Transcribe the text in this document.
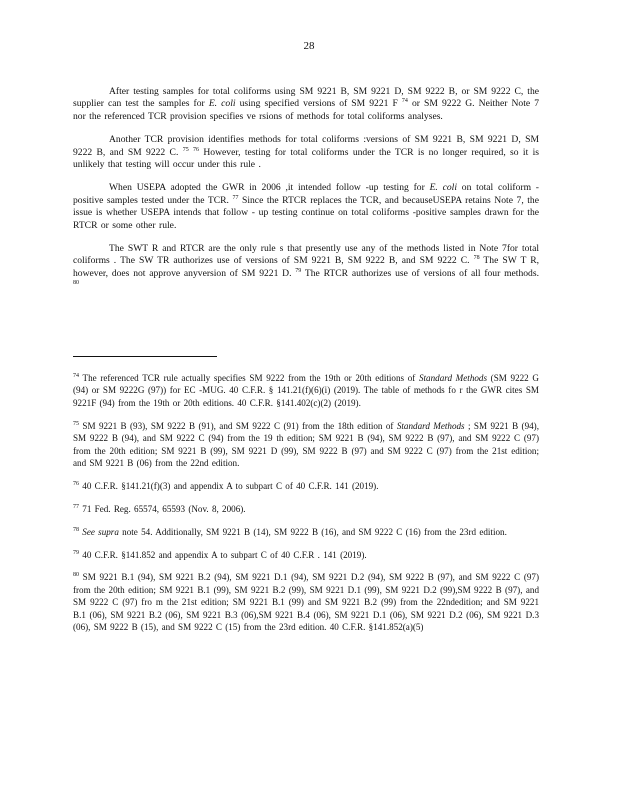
28

After testing samples for total coliforms using SM 9221 B, SM 9221 D, SM 9222 B, or SM 9222 C, the supplier can test the samples for E. coli using specified versions of SM 9221 F $^{74}$ or SM 9222 G. Neither Note 7 nor the referenced TCR provision specifies ve rsions of methods for total coliforms analyses.

Another TCR provision identifies methods for total coliforms :versions of SM 9221 B, SM 9221 D, SM 9222 B, and SM 9222 C. $^{75}$ $^{76}$ However, testing for total coliforms under the TCR is no longer required, so it is unlikely that testing will occur under this rule .

When USEPA adopted the GWR in 2006 ,it intended follow -up testing for E. coli on total coliform -positive samples tested under the TCR. $^{77}$ Since the RTCR replaces the TCR, and becauseUSEPA retains Note 7, the issue is whether USEPA intends that follow - up testing continue on total coliforms -positive samples drawn for the RTCR or some other rule.

The SWT R and RTCR are the only rule s that presently use any of the methods listed in Note 7for total coliforms . The SW TR authorizes use of versions of SM 9221 B, SM 9222 B, and SM 9222 C. $^{78}$ The SW T R, however, does not approve anyversion of SM 9221 D. $^{79}$ The RTCR authorizes use of versions of all four methods. $^{80}$

$^{74}$ The referenced TCR rule actually specifies SM 9222 from the 19th or 20th editions of Standard Methods (SM 9222 G (94) or SM 9222G (97)) for EC -MUG. 40 C.F.R. § 141.21(f)(6)(i) (2019). The table of methods fo r the GWR cites SM 9221F (94) from the 19th or 20th editions. 40 C.F.R. §141.402(c)(2) (2019).

$^{75}$ SM 9221 B (93), SM 9222 B (91), and SM 9222 C (91) from the 18th edition of Standard Methods ; SM 9221 B (94), SM 9222 B (94), and SM 9222 C (94) from the 19 th edition; SM 9221 B (94), SM 9222 B (97), and SM 9222 C (97) from the 20th edition; SM 9221 B (99), SM 9221 D (99), SM 9222 B (97) and SM 9222 C (97) from the 21st edition; and SM 9221 B (06) from the 22nd edition.

$^{76}$ 40 C.F.R. §141.21(f)(3) and appendix A to subpart C of 40 C.F.R. 141 (2019).

$^{77}$ 71 Fed. Reg. 65574, 65593 (Nov. 8, 2006).

$^{78}$ See supra note 54. Additionally, SM 9221 B (14), SM 9222 B (16), and SM 9222 C (16) from the 23rd edition.

$^{79}$ 40 C.F.R. §141.852 and appendix A to subpart C of 40 C.F.R . 141 (2019).

$^{80}$ SM 9221 B.1 (94), SM 9221 B.2 (94), SM 9221 D.1 (94), SM 9221 D.2 (94), SM 9222 B (97), and SM 9222 C (97) from the 20th edition; SM 9221 B.1 (99), SM 9221 B.2 (99), SM 9221 D.1 (99), SM 9221 D.2 (99),SM 9222 B (97), and SM 9222 C (97) fro m the 21st edition; SM 9221 B.1 (99) and SM 9221 B.2 (99) from the 22ndedition; and SM 9221 B.1 (06), SM 9221 B.2 (06), SM 9221 B.3 (06),SM 9221 B.4 (06), SM 9221 D.1 (06), SM 9221 D.2 (06), SM 9221 D.3 (06), SM 9222 B (15), and SM 9222 C (15) from the 23rd edition. 40 C.F.R. §141.852(a)(5)
